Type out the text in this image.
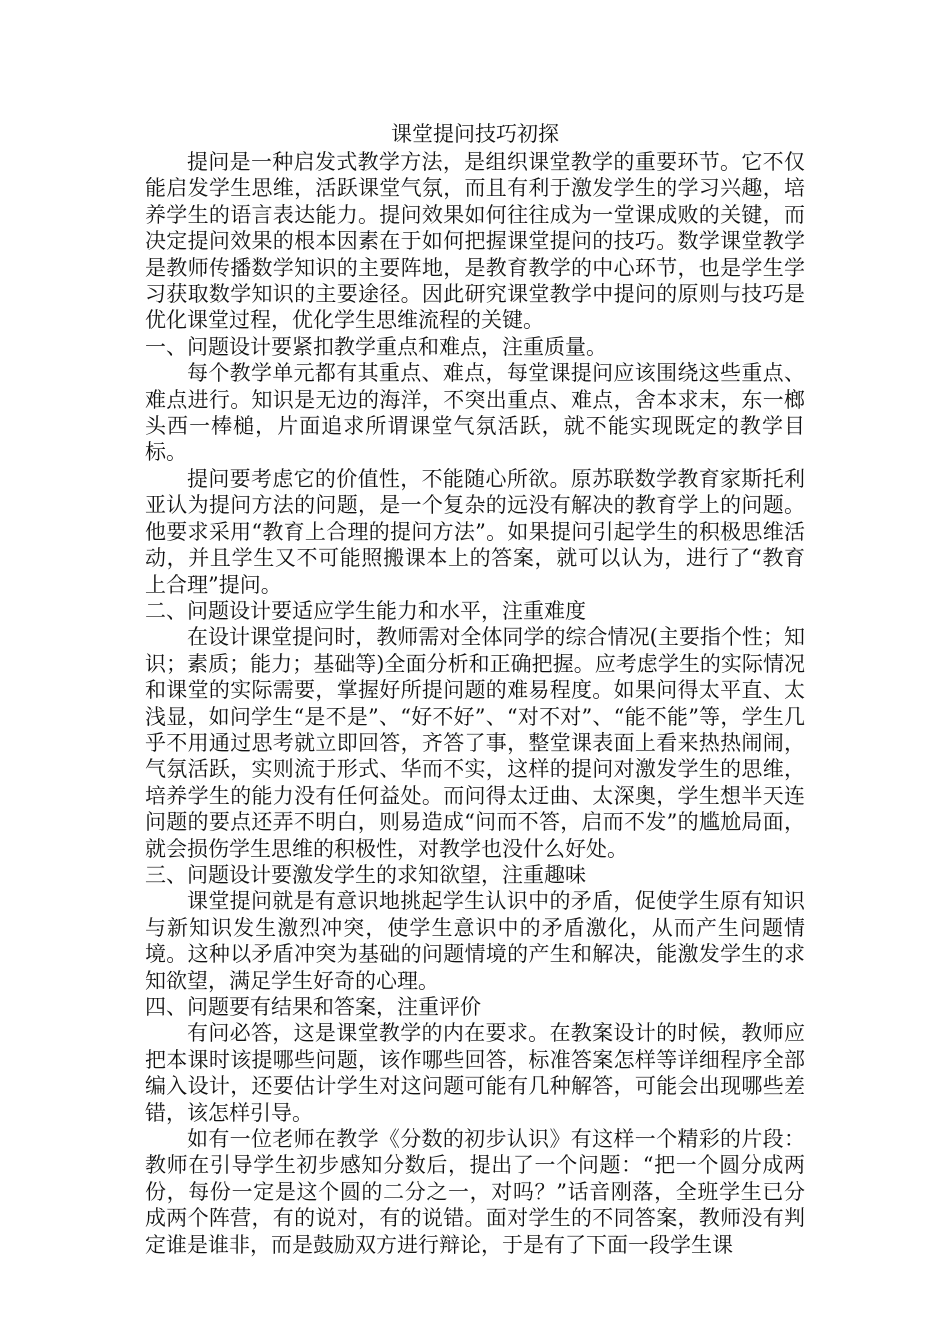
课堂提问技巧初探

提问是一种启发式教学方法，是组织课堂教学的重要环节。它不仅能启发学生思维，活跃课堂气氛，而且有利于激发学生的学习兴趣，培养学生的语言表达能力。提问效果如何往往成为一堂课成败的关键，而决定提问效果的根本因素在于如何把握课堂提问的技巧。数学课堂教学是教师传播数学知识的主要阵地，是教育教学的中心环节，也是学生学习获取数学知识的主要途径。因此研究课堂教学中提问的原则与技巧是优化课堂过程，优化学生思维流程的关键。

一、问题设计要紧扣教学重点和难点，注重质量。

每个教学单元都有其重点、难点，每堂课提问应该围绕这些重点、难点进行。知识是无边的海洋，不突出重点、难点，舍本求末，东一榔头西一棒槌，片面追求所谓课堂气氛活跃，就不能实现既定的教学目标。

提问要考虑它的价值性，不能随心所欲。原苏联数学教育家斯托利亚认为提问方法的问题，是一个复杂的远没有解决的教育学上的问题。他要求采用“教育上合理的提问方法”。如果提问引起学生的积极思维活动，并且学生又不可能照搬课本上的答案，就可以认为，进行了“教育上合理”提问。

二、问题设计要适应学生能力和水平，注重难度

在设计课堂提问时，教师需对全体同学的综合情况(主要指个性；知识；素质；能力；基础等)全面分析和正确把握。应考虑学生的实际情况和课堂的实际需要，掌握好所提问题的难易程度。如果问得太平直、太浅显，如问学生“是不是”、“好不好”、“对不对”、“能不能”等，学生几乎不用通过思考就立即回答，齐答了事，整堂课表面上看来热热闹闹，气氛活跃，实则流于形式、华而不实，这样的提问对激发学生的思维，培养学生的能力没有任何益处。而问得太迂曲、太深奥，学生想半天连问题的要点还弄不明白，则易造成“问而不答，启而不发”的尴尬局面，就会损伤学生思维的积极性，对教学也没什么好处。

三、问题设计要激发学生的求知欲望，注重趣味

课堂提问就是有意识地挑起学生认识中的矛盾，促使学生原有知识与新知识发生激烈冲突，使学生意识中的矛盾激化，从而产生问题情境。这种以矛盾冲突为基础的问题情境的产生和解决，能激发学生的求知欲望，满足学生好奇的心理。

四、问题要有结果和答案，注重评价

有问必答，这是课堂教学的内在要求。在教案设计的时候，教师应把本课时该提哪些问题，该作哪些回答，标准答案怎样等详细程序全部编入设计，还要估计学生对这问题可能有几种解答，可能会出现哪些差错，该怎样引导。

如有一位老师在教学《分数的初步认识》有这样一个精彩的片段：教师在引导学生初步感知分数后，提出了一个问题：“把一个圆分成两份，每份一定是这个圆的二分之一，对吗？”话音刚落，全班学生已分成两个阵营，有的说对，有的说错。面对学生的不同答案，教师没有判定谁是谁非，而是鼓励双方进行辩论，于是有了下面一段学生课
